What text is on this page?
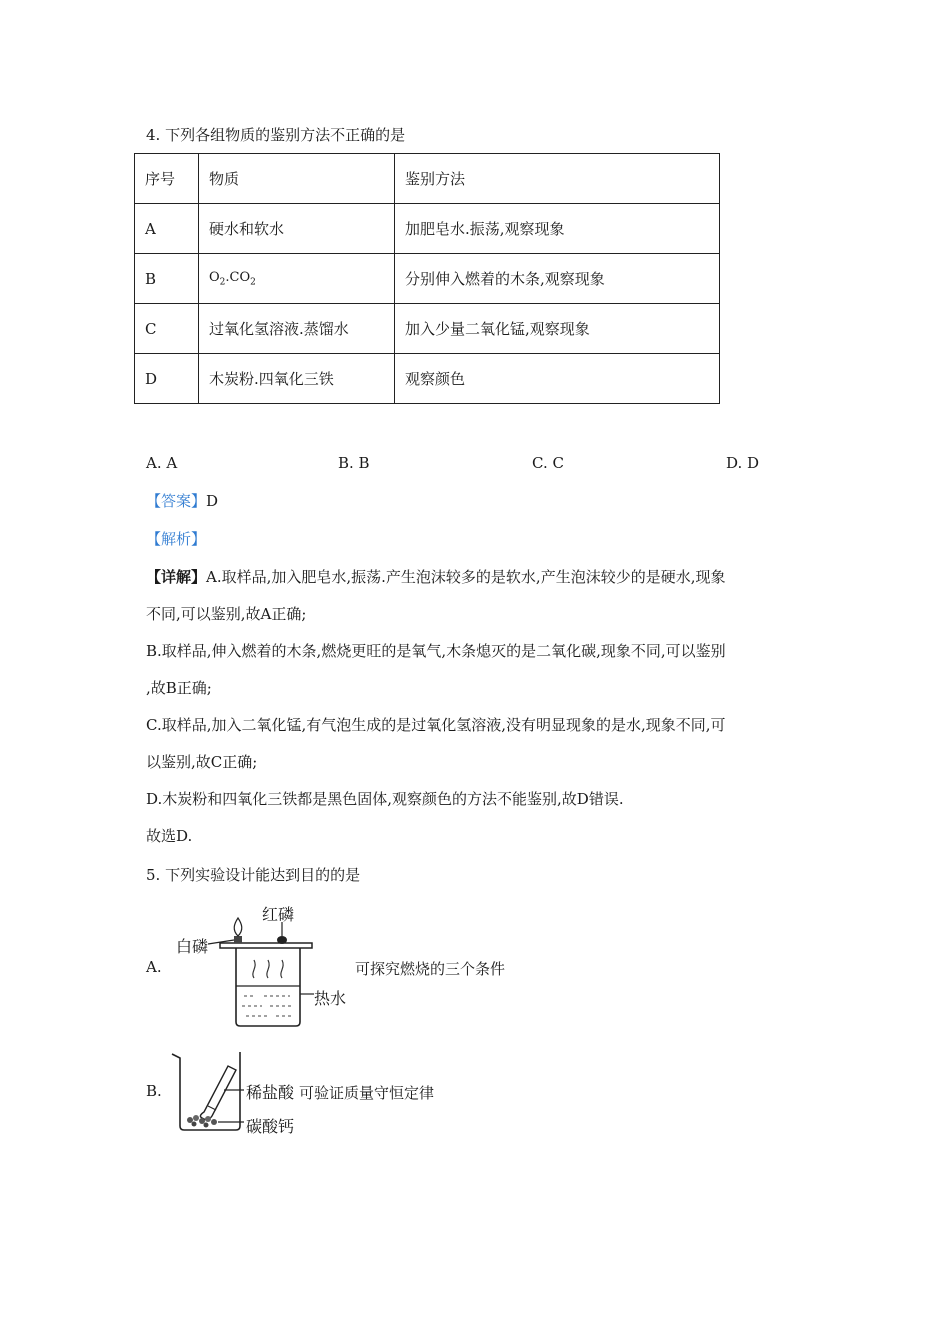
4. 下列各组物质的鉴别方法不正确的是
序号	物质	鉴别方法
A	硬水和软水	加肥皂水.振荡,观察现象
B	$O_2.CO_2$	分别伸入燃着的木条,观察现象
C	过氧化氢溶液.蒸馏水	加入少量二氧化锰,观察现象
D	木炭粉.四氧化三铁	观察颜色
A. A	B. B	C. C	D. D
【答案】D
【解析】
【详解】A.取样品,加入肥皂水,振荡.产生泡沫较多的是软水,产生泡沫较少的是硬水,现象
不同,可以鉴别,故A正确;
B.取样品,伸入燃着的木条,燃烧更旺的是氧气,木条熄灭的是二氧化碳,现象不同,可以鉴别
,故B正确;
C.取样品,加入二氧化锰,有气泡生成的是过氧化氢溶液,没有明显现象的是水,现象不同,可
以鉴别,故C正确;
D.木炭粉和四氧化三铁都是黑色固体,观察颜色的方法不能鉴别,故D错误.
故选D.
5. 下列实验设计能达到目的的是
A.
红磷
白磷
热水
可探究燃烧的三个条件
B.	稀盐酸
碳酸钙
可验证质量守恒定律
